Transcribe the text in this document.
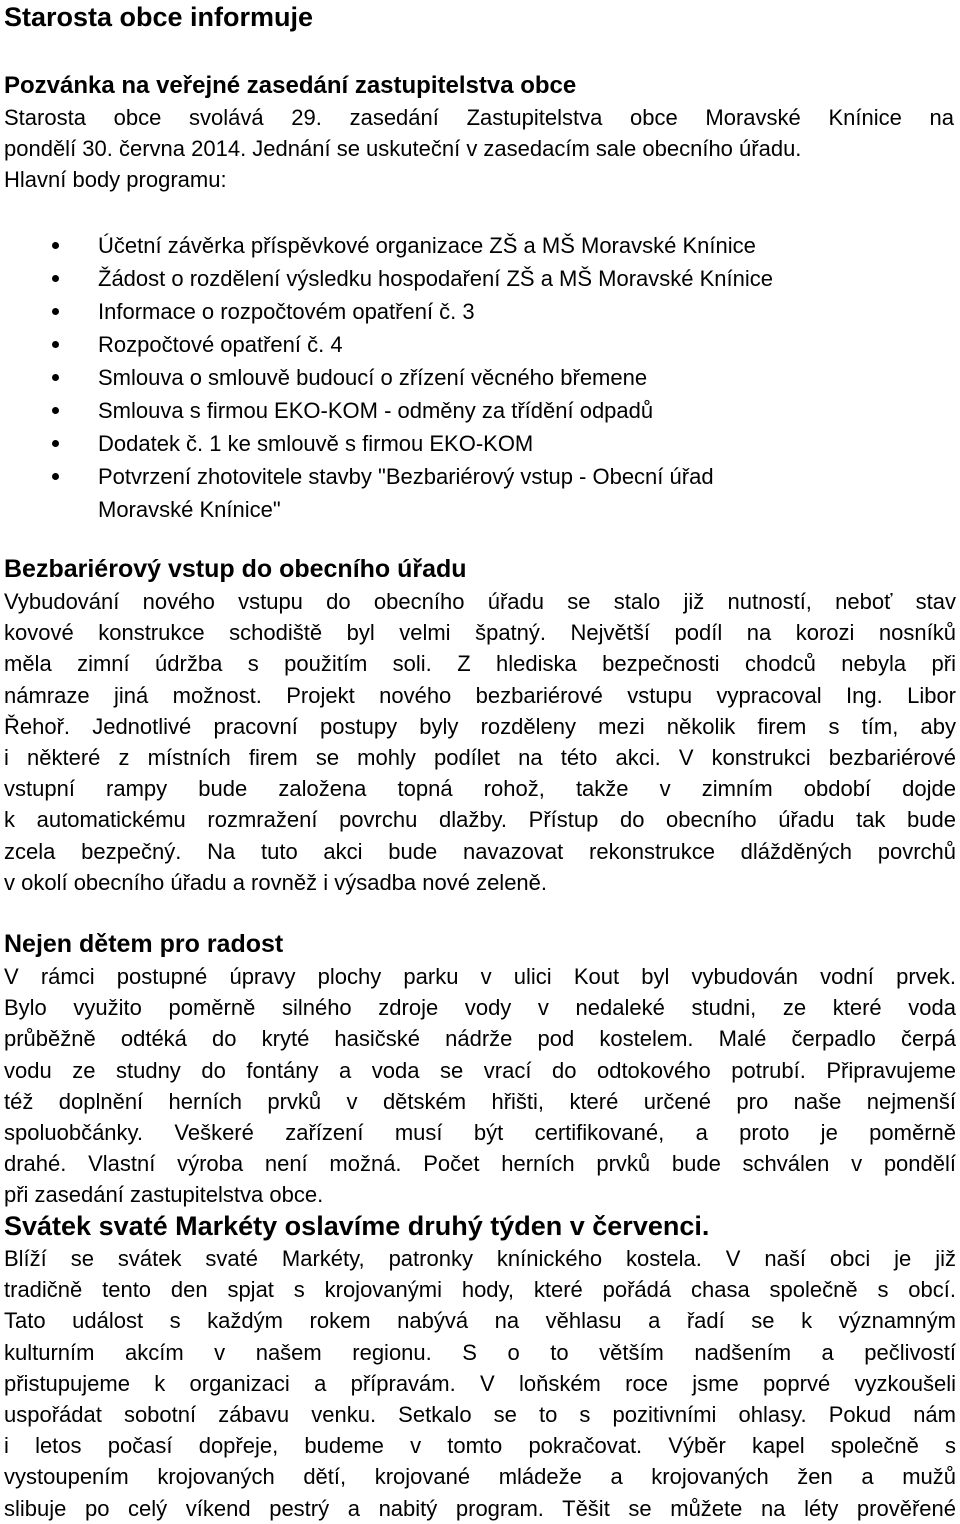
Starosta obce informuje
Pozvánka na veřejné zasedání zastupitelstva obce

Starosta obce svolává 29. zasedání Zastupitelstva obce Moravské Knínice na

pondělí 30. června 2014. Jednání se uskuteční v zasedacím sale obecního úřadu.

Hlavní body programu:

Účetní závěrka příspěvkové organizace ZŠ a MŠ Moravské Knínice
Žádost o rozdělení výsledku hospodaření ZŠ a MŠ Moravské Knínice
Informace o rozpočtovém opatření č. 3
Rozpočtové opatření č. 4
Smlouva o smlouvě budoucí o zřízení věcného břemene
Smlouva s firmou EKO-KOM - odměny za třídění odpadů
Dodatek č. 1 ke smlouvě s firmou EKO-KOM
Potvrzení zhotovitele stavby "Bezbariérový vstup - Obecní úřad
Moravské Knínice"
Bezbariérový vstup do obecního úřadu
Vybudování nového vstupu do obecního úřadu se stalo již nutností, neboť stav
kovové konstrukce schodiště byl velmi špatný. Největší podíl na korozi nosníků
měla zimní údržba s použitím soli. Z hlediska bezpečnosti chodců nebyla při
námraze jiná možnost. Projekt nového bezbariérové vstupu vypracoval Ing. Libor
Řehoř. Jednotlivé pracovní postupy byly rozděleny mezi několik firem s tím, aby
i některé z místních firem se mohly podílet na této akci. V konstrukci bezbariérové
vstupní rampy bude založena topná rohož, takže v zimním období dojde
k automatickému rozmražení povrchu dlažby. Přístup do obecního úřadu tak bude
zcela bezpečný. Na tuto akci bude navazovat rekonstrukce dlážděných povrchů
v okolí obecního úřadu a rovněž i výsadba nové zeleně.
Nejen dětem pro radost
V rámci postupné úpravy plochy parku v ulici Kout byl vybudován vodní prvek.
Bylo využito poměrně silného zdroje vody v nedaleké studni, ze které voda
průběžně odtéká do kryté hasičské nádrže pod kostelem. Malé čerpadlo čerpá
vodu ze studny do fontány a voda se vrací do odtokového potrubí. Připravujeme
též doplnění herních prvků v dětském hřišti, které určené pro naše nejmenší
spoluobčánky. Veškeré zařízení musí být certifikované, a proto je poměrně
drahé. Vlastní výroba není možná. Počet herních prvků bude schválen v pondělí
při zasedání zastupitelstva obce.
Svátek svaté Markéty oslavíme druhý týden v červenci.
Blíží se svátek svaté Markéty, patronky knínického kostela. V naší obci je již
tradičně tento den spjat s krojovanými hody, které pořádá chasa společně s obcí.
Tato událost s každým rokem nabývá na věhlasu a řadí se k významným
kulturním akcím v našem regionu. S o to větším nadšením a pečlivostí
přistupujeme k organizaci a přípravám. V loňském roce jsme poprvé vyzkoušeli
uspořádat sobotní zábavu venku. Setkalo se to s pozitivními ohlasy. Pokud nám
i letos počasí dopřeje, budeme v tomto pokračovat. Výběr kapel společně s
vystoupením krojovaných dětí, krojované mládeže a krojovaných žen a mužů
slibuje po celý víkend pestrý a nabitý program. Těšit se můžete na léty prověřené
